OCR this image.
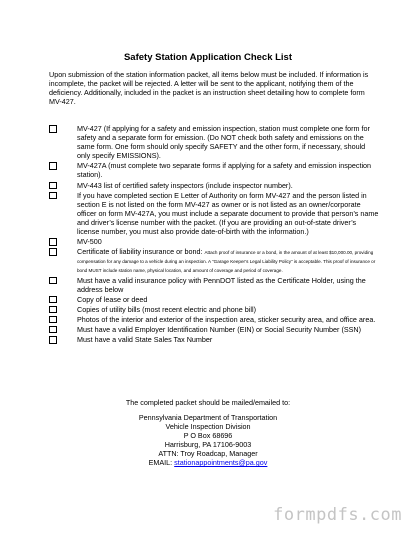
Safety Station Application Check List
Upon submission of the station information packet, all items below must be included. If information is incomplete, the packet will be rejected. A letter will be sent to the applicant, notifying them of the deficiency. Additionally, included in the packet is an instruction sheet detailing how to complete form MV-427.
MV-427 (If applying for a safety and emission inspection, station must complete one form for safety and a separate form for emission. (Do NOT check both safety and emissions on the same form. One form should only specify SAFETY and the other form, if necessary, should only specify EMISSIONS).
MV-427A (must complete two separate forms if applying for a safety and emission inspection station).
MV-443 list of certified safety inspectors (include inspector number).
If you have completed section E Letter of Authority on form MV-427 and the person listed in section E is not listed on the form MV-427 as owner or is not listed as an owner/corporate officer on form MV-427A, you must include a separate document to provide that person’s name and driver’s license number with the packet. (If you are providing an out-of-state driver’s license number, you must also provide date-of-birth with the information.)
MV-500
Certificate of liability insurance or bond: Attach proof of insurance or a bond, in the amount of at least $10,000.00, providing compensation for any damage to a vehicle during an inspection. A “Garage Keeper’s Legal Liability Policy” is acceptable. This proof of insurance or bond MUST include station name, physical location, and amount of coverage and period of coverage.
Must have a valid insurance policy with PennDOT listed as the Certificate Holder, using the address below
Copy of lease or deed
Copies of utility bills (most recent electric and phone bill)
Photos of the interior and exterior of the inspection area, sticker security area, and office area.
Must have a valid Employer Identification Number (EIN) or Social Security Number (SSN)
Must have a valid State Sales Tax Number
The completed packet should be mailed/emailed to:
Pennsylvania Department of Transportation
Vehicle Inspection Division
P O Box 68696
Harrisburg, PA 17106-9003
ATTN: Troy Roadcap, Manager
EMAIL: stationappointments@pa.gov
formpdfs.com
